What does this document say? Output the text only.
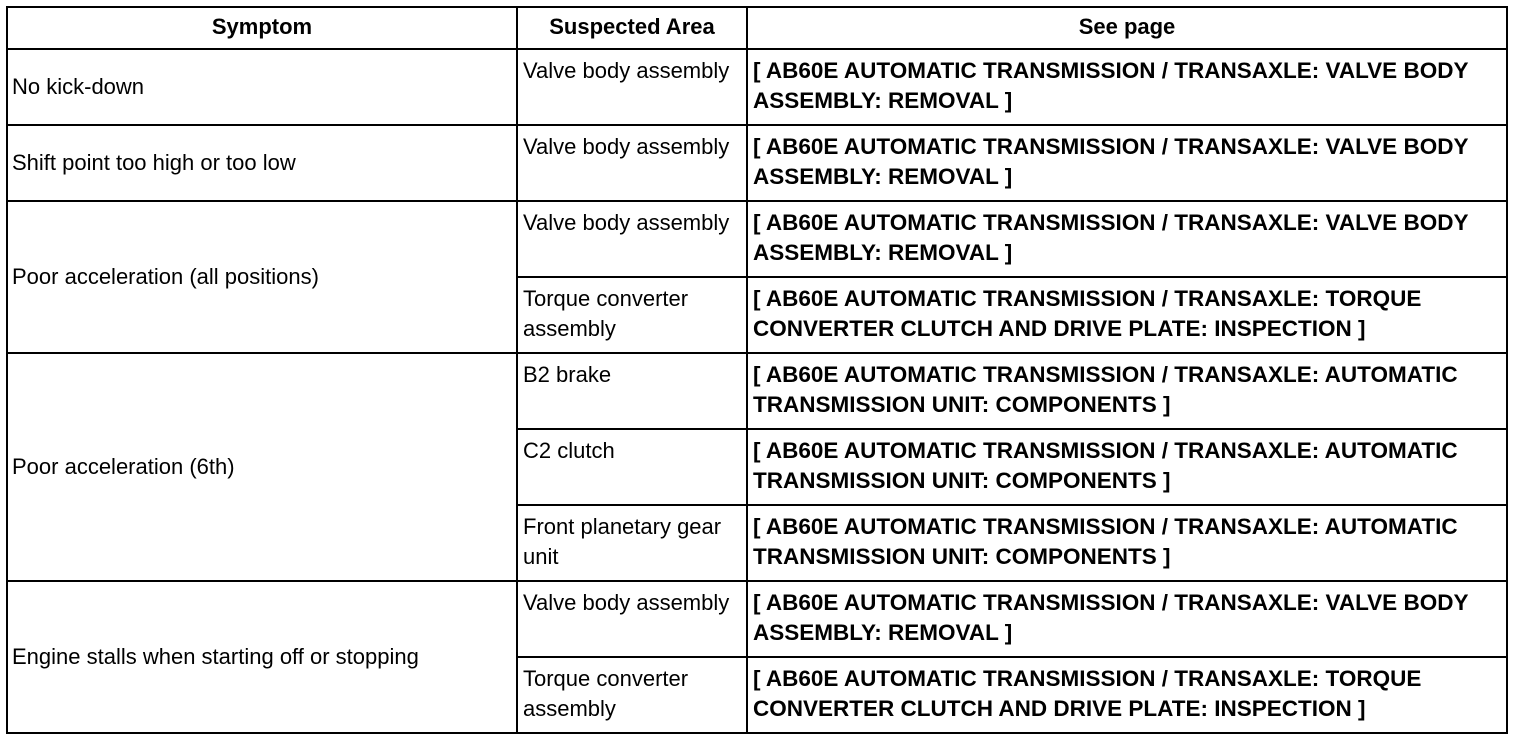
Symptom	Suspected Area	See page
No kick-down	Valve body assembly	[ AB60E AUTOMATIC TRANSMISSION / TRANSAXLE: VALVE BODY ASSEMBLY: REMOVAL ]
Shift point too high or too low	Valve body assembly	[ AB60E AUTOMATIC TRANSMISSION / TRANSAXLE: VALVE BODY ASSEMBLY: REMOVAL ]
Poor acceleration (all positions)	Valve body assembly	[ AB60E AUTOMATIC TRANSMISSION / TRANSAXLE: VALVE BODY ASSEMBLY: REMOVAL ]
	Torque converter assembly	[ AB60E AUTOMATIC TRANSMISSION / TRANSAXLE: TORQUE CONVERTER CLUTCH AND DRIVE PLATE: INSPECTION ]
Poor acceleration (6th)	B2 brake	[ AB60E AUTOMATIC TRANSMISSION / TRANSAXLE: AUTOMATIC TRANSMISSION UNIT: COMPONENTS ]
	C2 clutch	[ AB60E AUTOMATIC TRANSMISSION / TRANSAXLE: AUTOMATIC TRANSMISSION UNIT: COMPONENTS ]
	Front planetary gear unit	[ AB60E AUTOMATIC TRANSMISSION / TRANSAXLE: AUTOMATIC TRANSMISSION UNIT: COMPONENTS ]
Engine stalls when starting off or stopping	Valve body assembly	[ AB60E AUTOMATIC TRANSMISSION / TRANSAXLE: VALVE BODY ASSEMBLY: REMOVAL ]
	Torque converter assembly	[ AB60E AUTOMATIC TRANSMISSION / TRANSAXLE: TORQUE CONVERTER CLUTCH AND DRIVE PLATE: INSPECTION ]
